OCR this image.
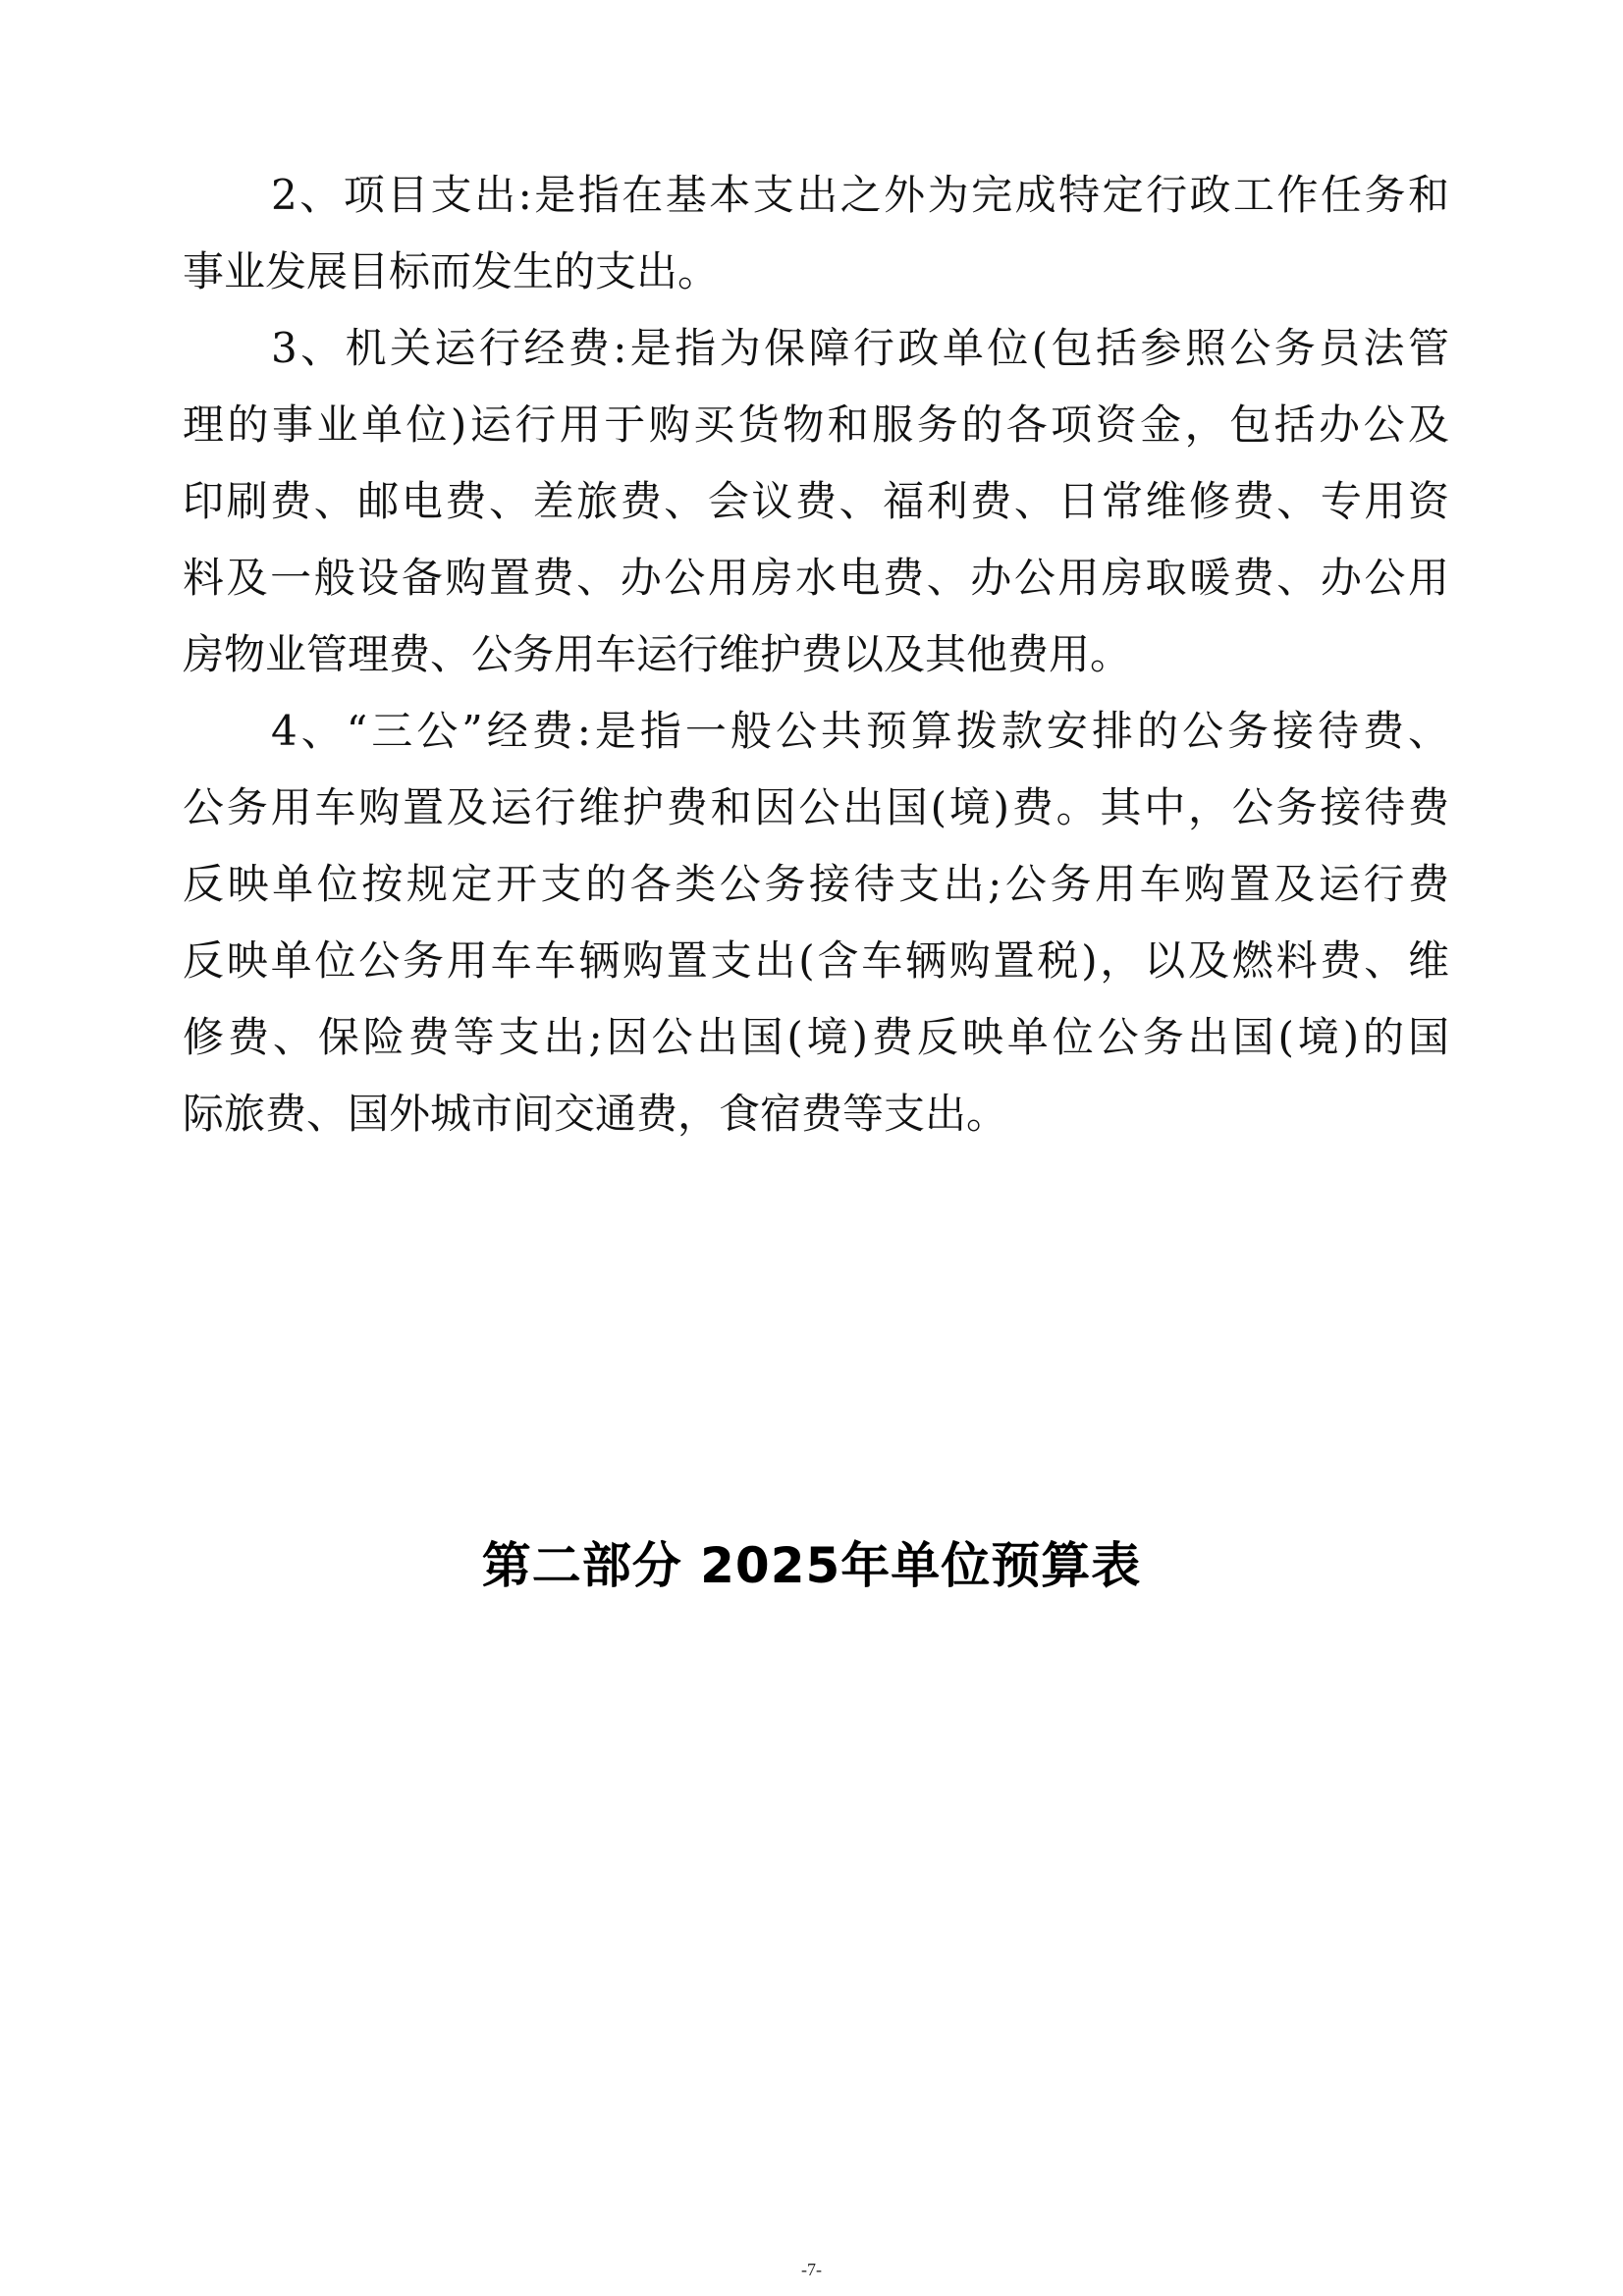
2、项目支出:是指在基本支出之外为完成特定行政工作任务和
事业发展目标而发生的支出。
3、机关运行经费:是指为保障行政单位(包括参照公务员法管
理的事业单位)运行用于购买货物和服务的各项资金，包括办公及
印刷费、邮电费、差旅费、会议费、福利费、日常维修费、专用资
料及一般设备购置费、办公用房水电费、办公用房取暖费、办公用
房物业管理费、公务用车运行维护费以及其他费用。
4、“三公”经费:是指一般公共预算拨款安排的公务接待费、
公务用车购置及运行维护费和因公出国(境)费。其中，公务接待费
反映单位按规定开支的各类公务接待支出;公务用车购置及运行费
反映单位公务用车车辆购置支出(含车辆购置税)，以及燃料费、维
修费、保险费等支出;因公出国(境)费反映单位公务出国(境)的国
际旅费、国外城市间交通费，食宿费等支出。
第二部分 2025年单位预算表
-7-
